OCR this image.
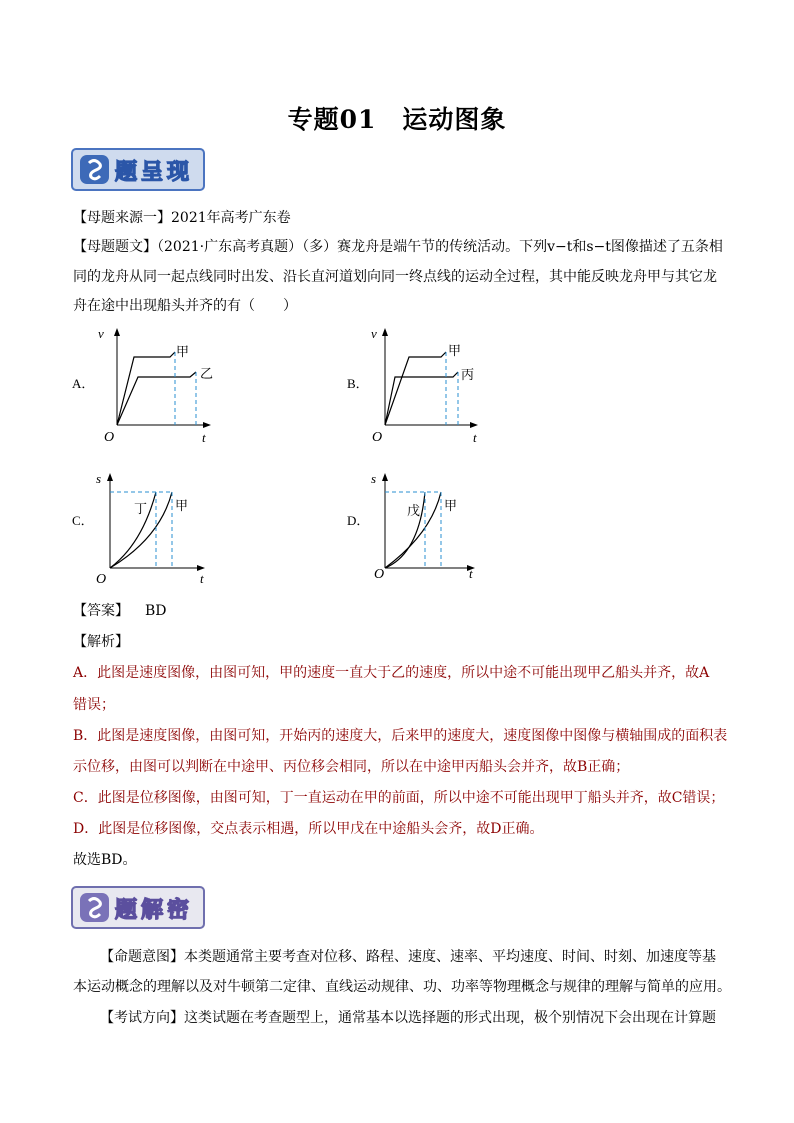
专题01 运动图象
题呈现
【母题来源一】2021年高考广东卷
【母题题文】（2021·广东高考真题）（多）赛龙舟是端午节的传统活动。下列v−t和s−t图像描述了五条相
同的龙舟从同一起点线同时出发、沿长直河道划向同一终点线的运动全过程，其中能反映龙舟甲与其它龙
舟在途中出现船头并齐的有（　　）
A．
v
t
O
甲
乙
B．
v
t
O
甲
丙
C．
s
t
O
丁 甲
D．
s
t
O
戊 甲
【答案】 BD
【解析】
A．此图是速度图像，由图可知，甲的速度一直大于乙的速度，所以中途不可能出现甲乙船头并齐，故A
错误；
B．此图是速度图像，由图可知，开始丙的速度大，后来甲的速度大，速度图像中图像与横轴围成的面积表
示位移，由图可以判断在中途甲、丙位移会相同，所以在中途甲丙船头会并齐，故B正确；
C．此图是位移图像，由图可知，丁一直运动在甲的前面，所以中途不可能出现甲丁船头并齐，故C错误；
D．此图是位移图像，交点表示相遇，所以甲戊在中途船头会齐，故D正确。
故选BD。
题解密
【命题意图】本类题通常主要考查对位移、路程、速度、速率、平均速度、时间、时刻、加速度等基
本运动概念的理解以及对牛顿第二定律、直线运动规律、功、功率等物理概念与规律的理解与简单的应用。
【考试方向】这类试题在考查题型上，通常基本以选择题的形式出现，极个别情况下会出现在计算题
